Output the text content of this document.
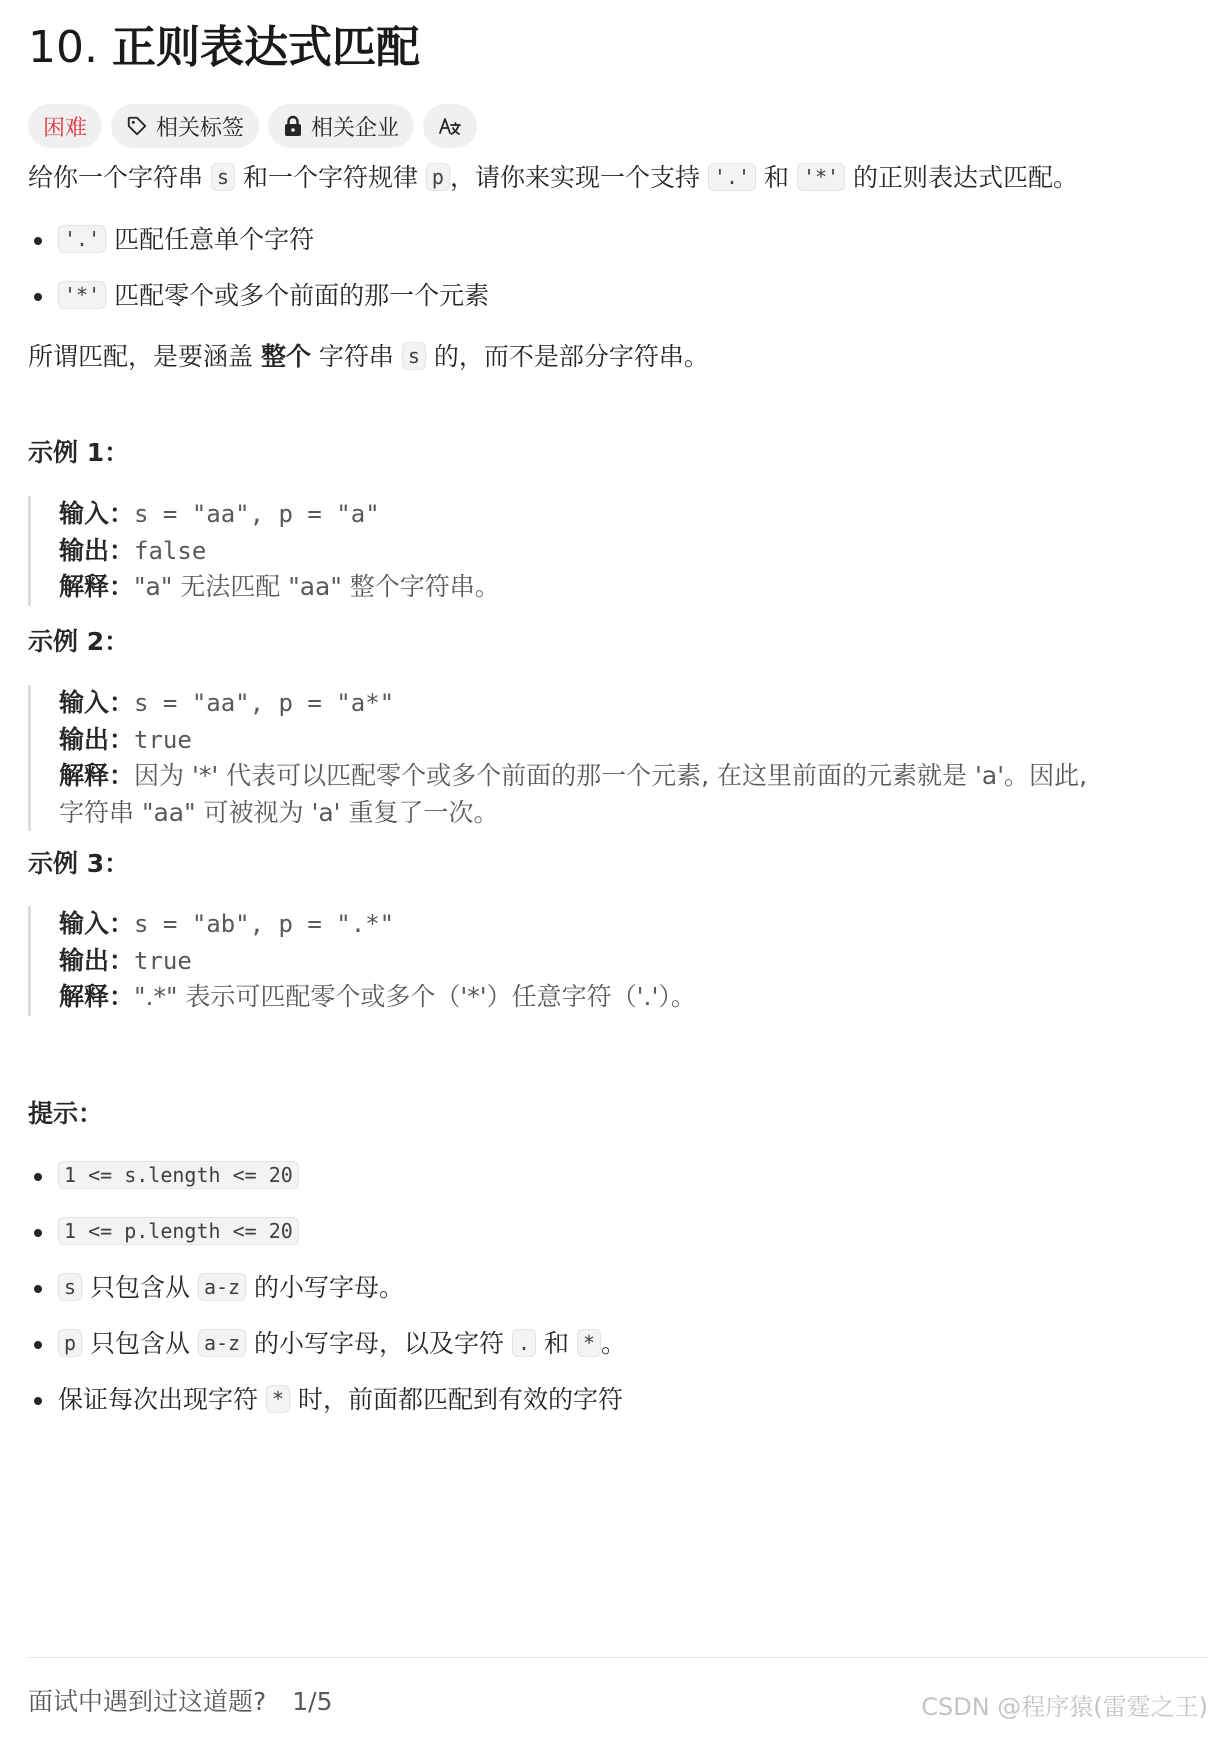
10. 正则表达式匹配
困难	相关标签	相关企业
给你一个字符串 s 和一个字符规律 p ，请你来实现一个支持 '.' 和 '*' 的正则表达式匹配。
'.' 匹配任意单个字符
'*' 匹配零个或多个前面的那一个元素
所谓匹配，是要涵盖 整个 字符串 s 的，而不是部分字符串。
示例 1：
输入：s = "aa", p = "a"
输出：false
解释："a" 无法匹配 "aa" 整个字符串。
示例 2：
输入：s = "aa", p = "a*"
输出：true
解释：因为 '*' 代表可以匹配零个或多个前面的那一个元素, 在这里前面的元素就是 'a'。因此,
字符串 "aa" 可被视为 'a' 重复了一次。
示例 3：
输入：s = "ab", p = ".*"
输出：true
解释：".*" 表示可匹配零个或多个（'*'）任意字符（'.'）。
提示：
1 <= s.length <= 20
1 <= p.length <= 20
s 只包含从 a-z 的小写字母。
p 只包含从 a-z 的小写字母，以及字符 . 和 * 。
保证每次出现字符 * 时，前面都匹配到有效的字符
面试中遇到过这道题? 1/5	CSDN @程序猿(雷霆之王)
